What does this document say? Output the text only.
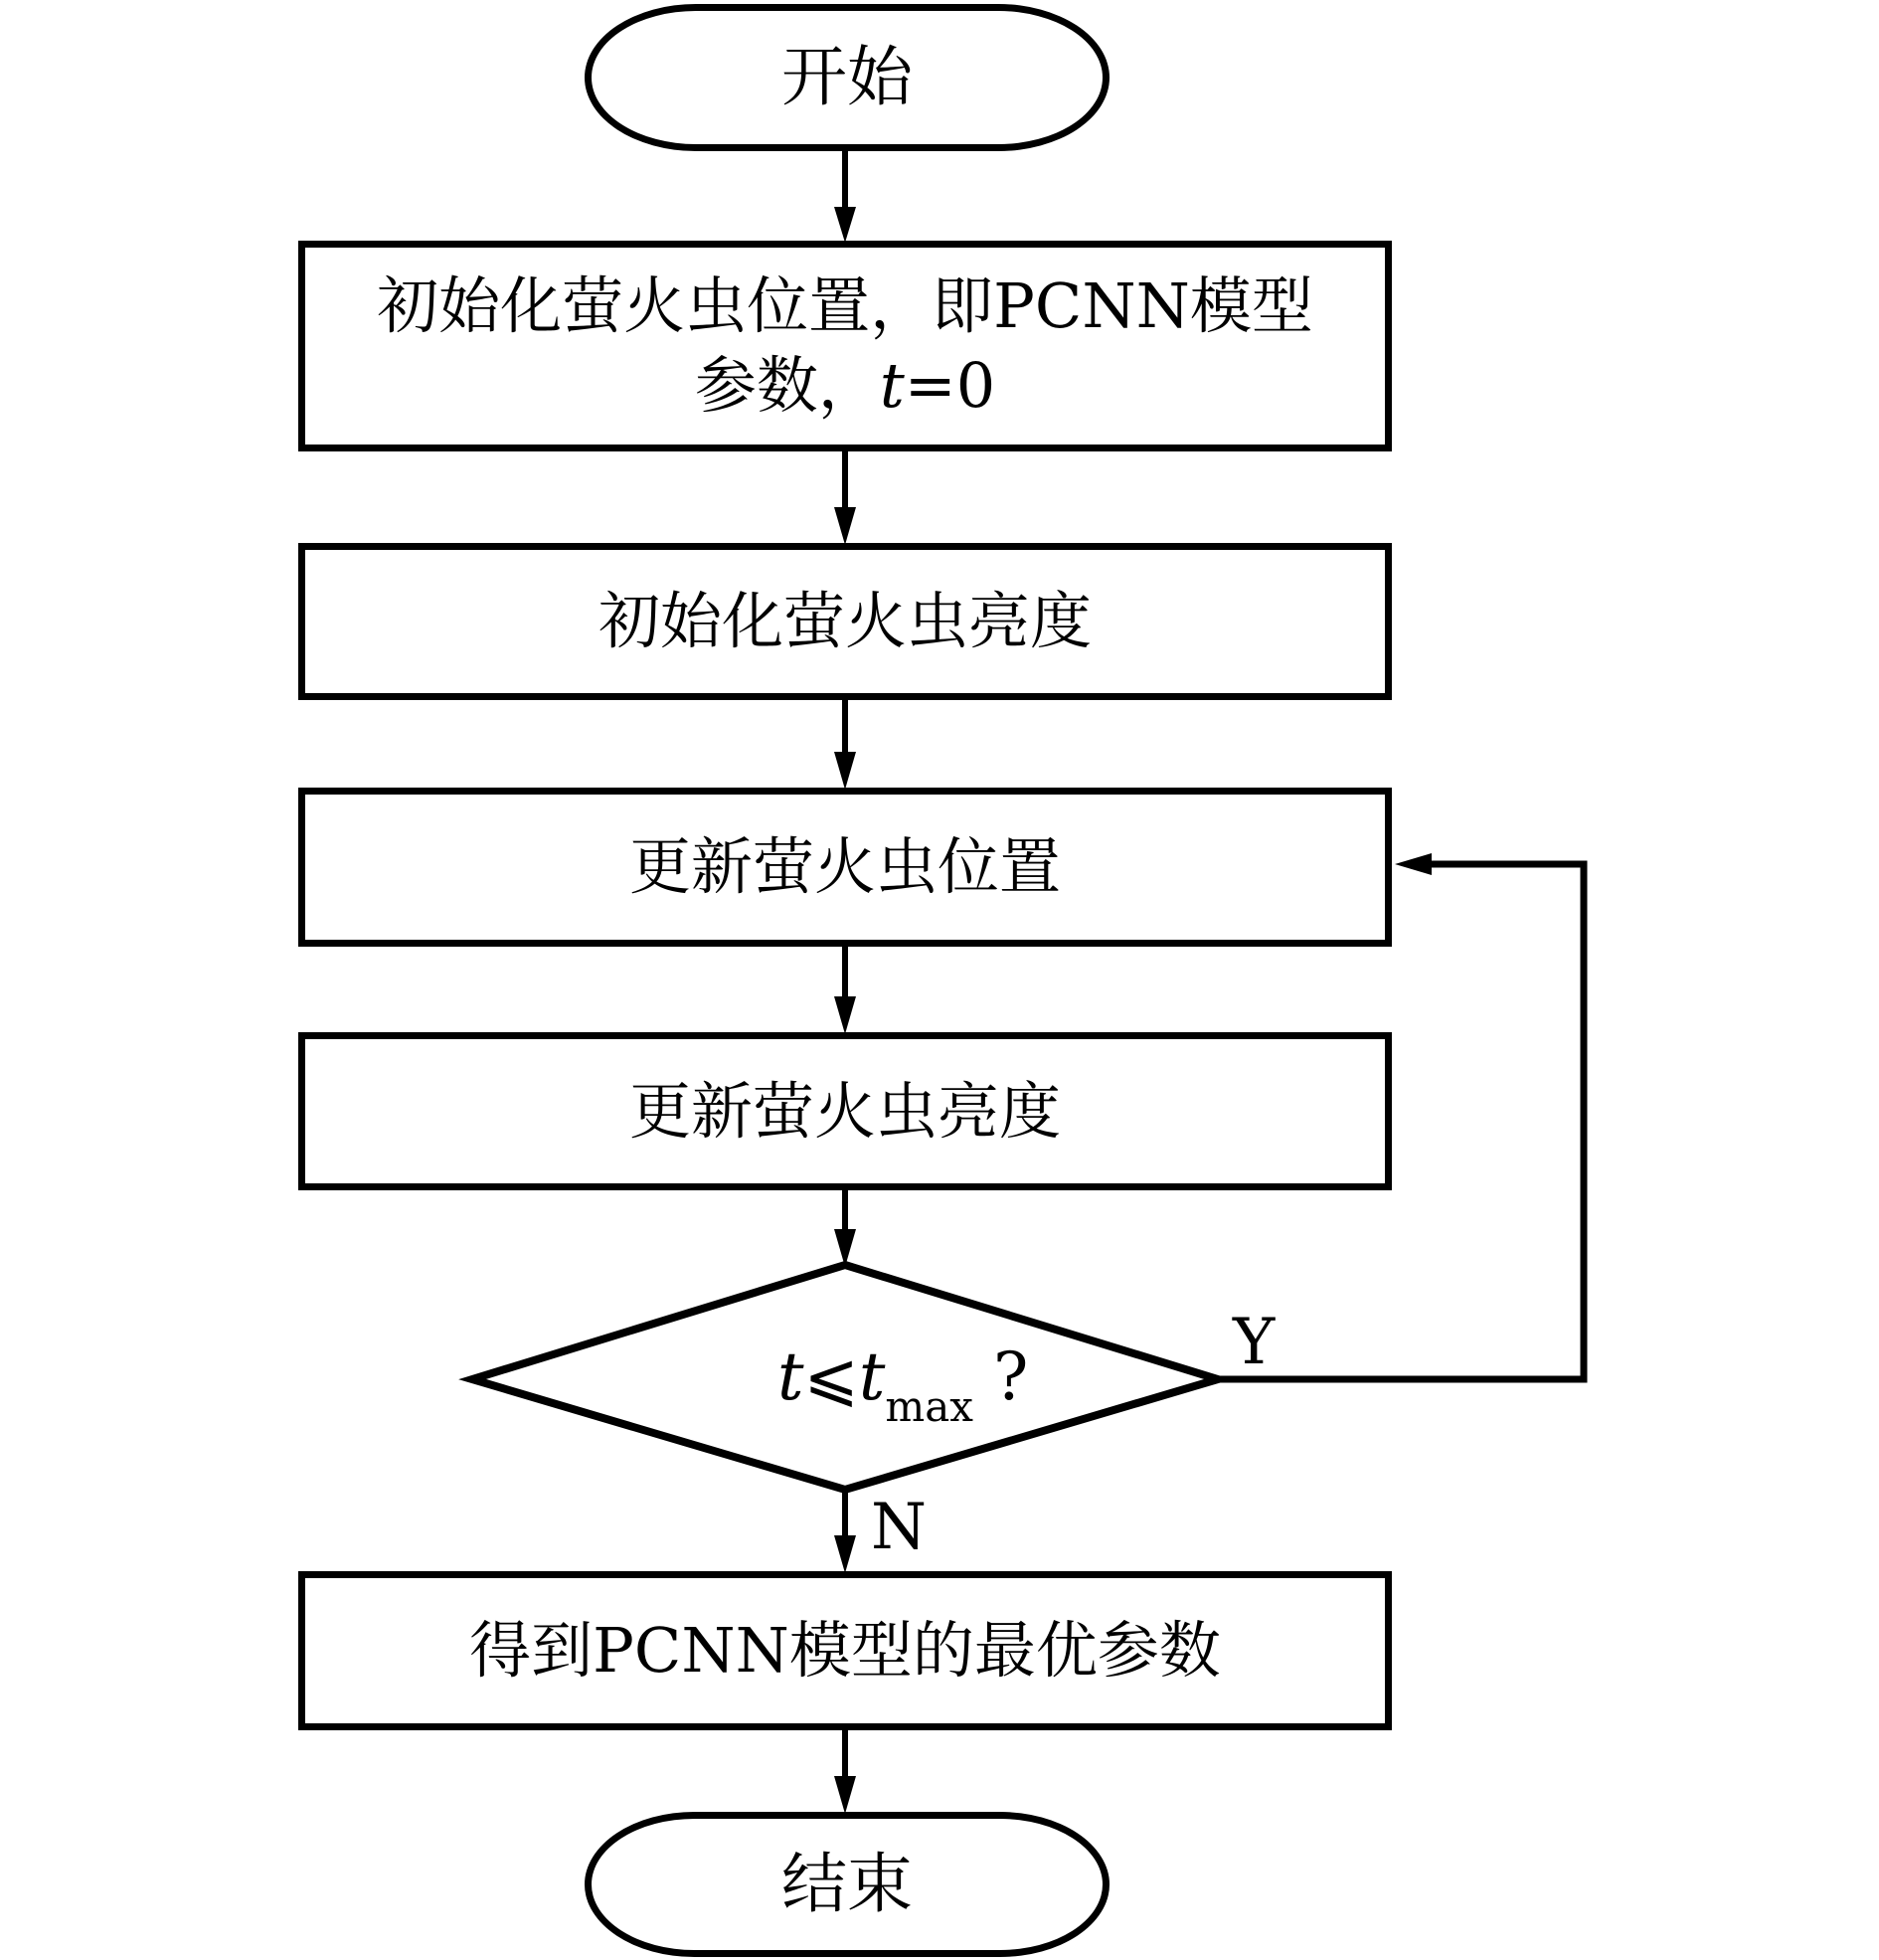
开始
初始化萤火虫位置，即PCNN模型
参数，t=0
初始化萤火虫亮度
更新萤火虫位置
更新萤火虫亮度
$t⩽t_{max}$ ?	Y
N
得到PCNN模型的最优参数
结束
